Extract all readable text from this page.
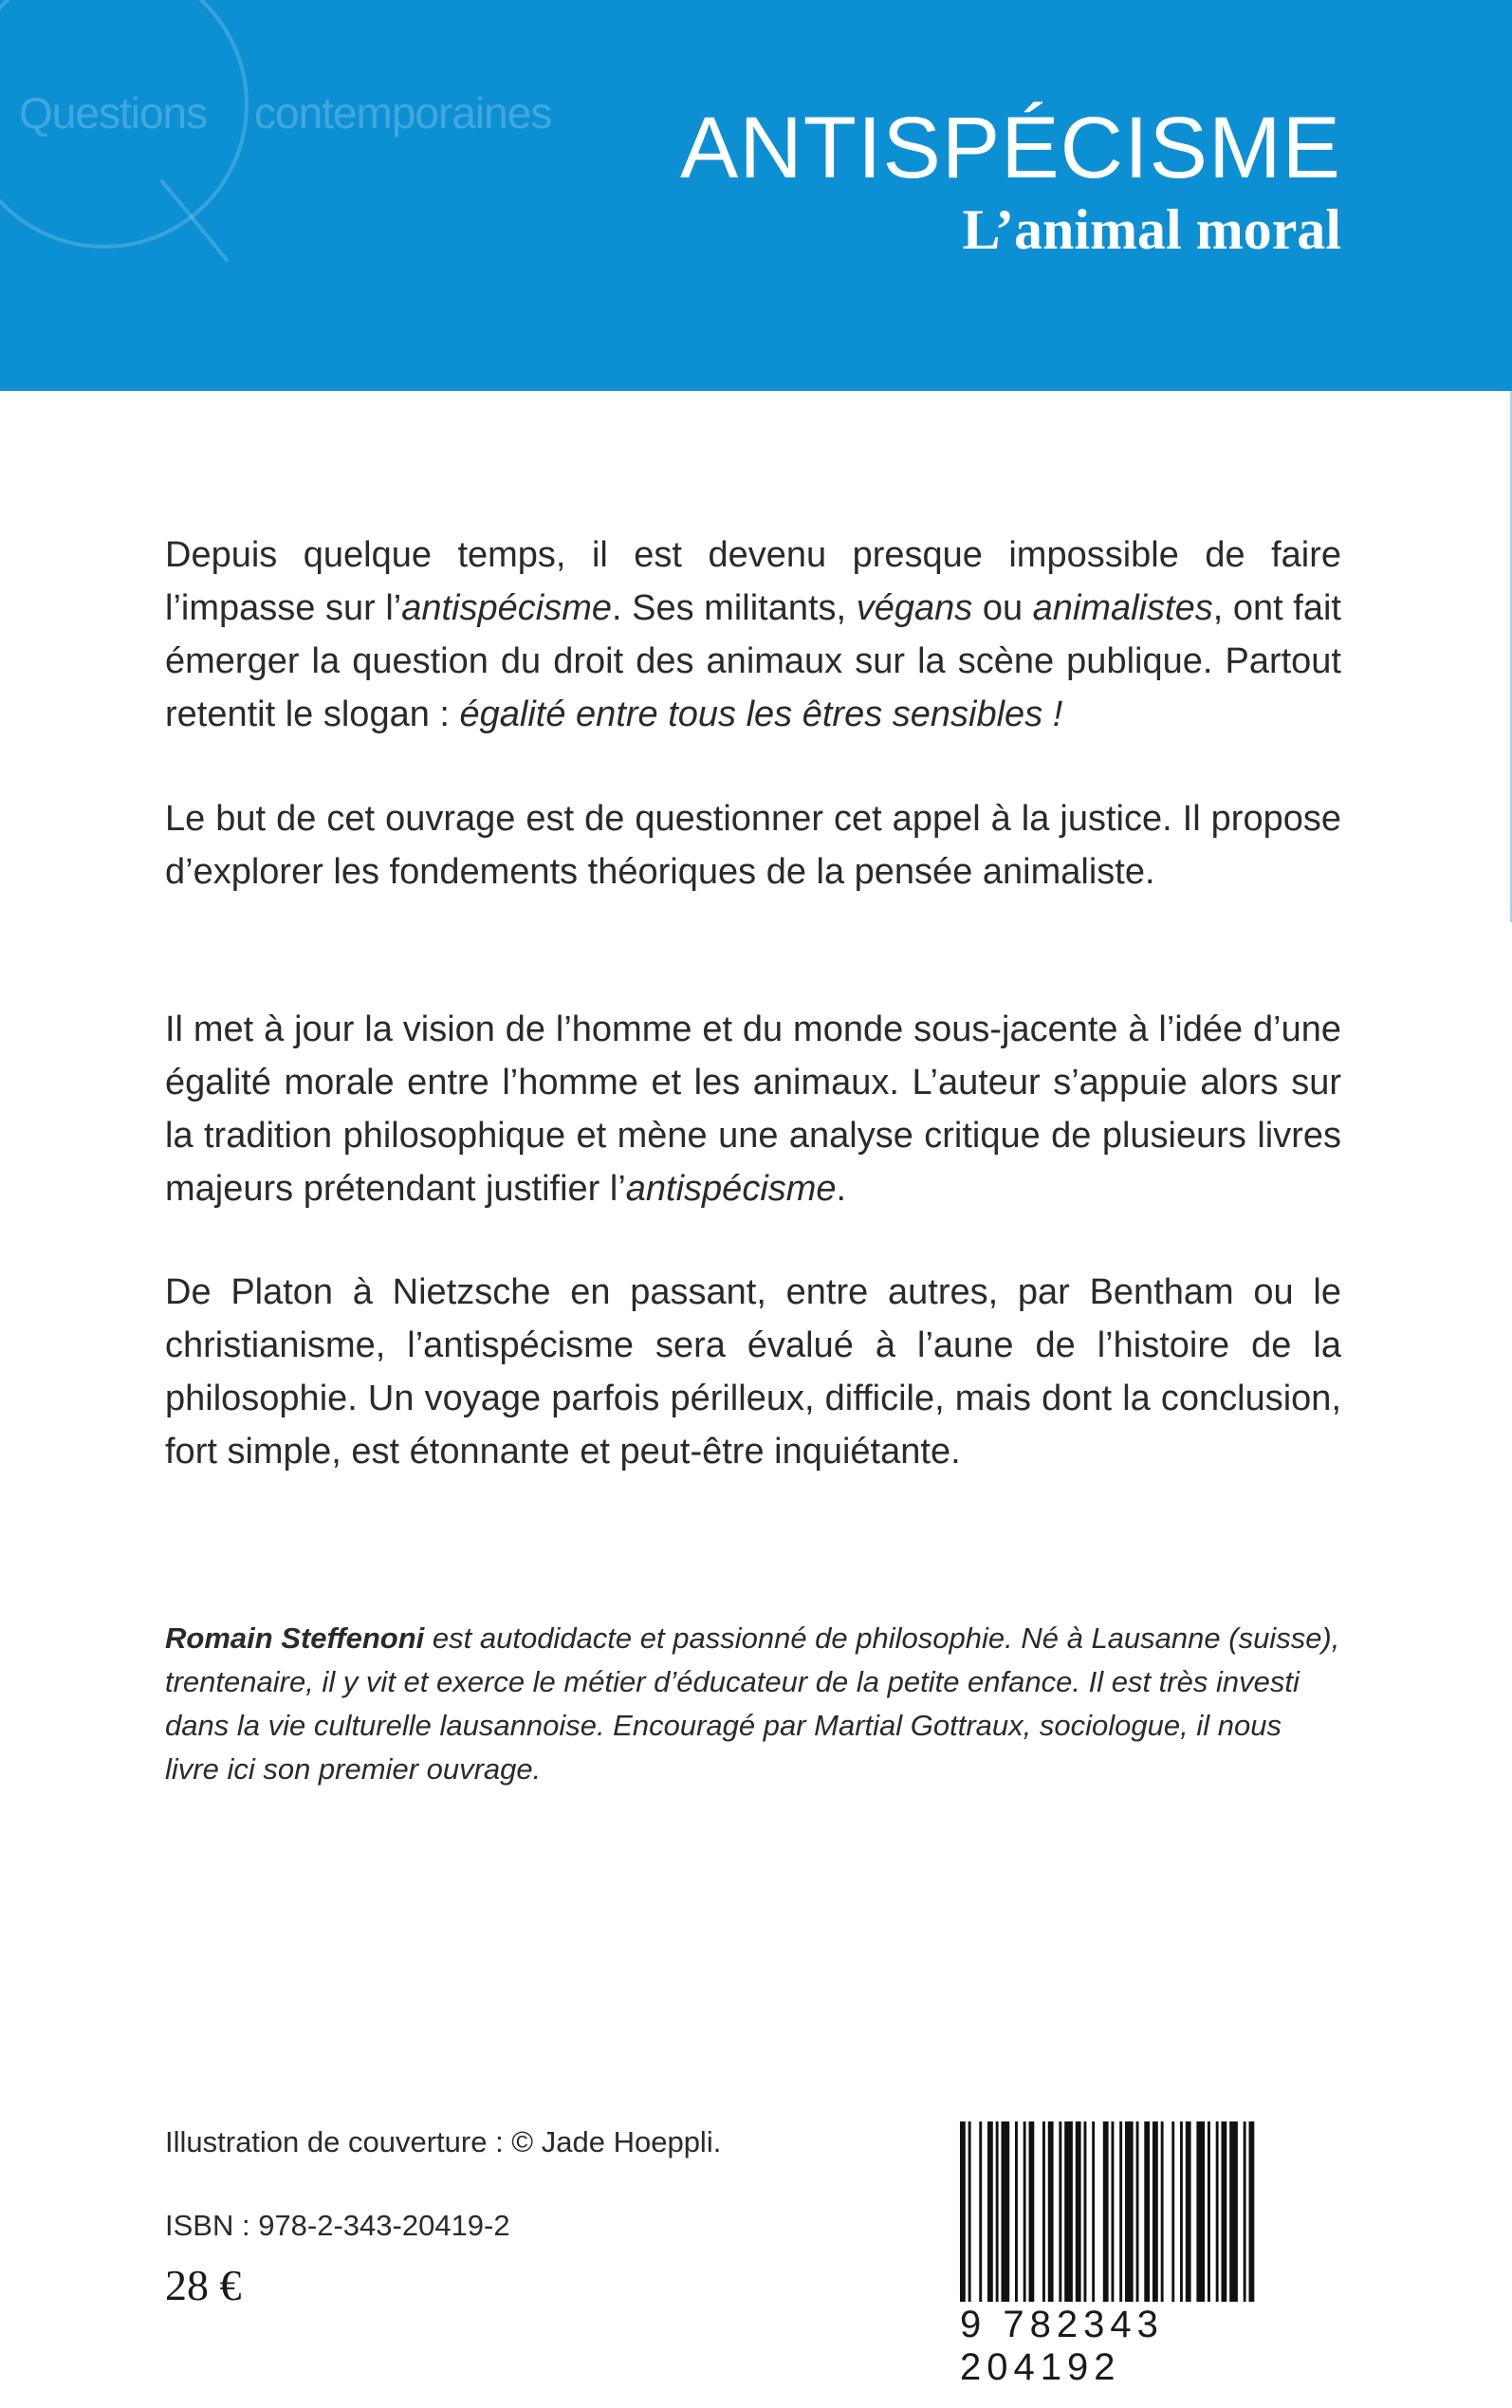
Questions contemporaines ANTISPÉCISME
L’animal moral

Depuis quelque temps, il est devenu presque impossible de faire l’impasse sur l’antispécisme. Ses militants, végans ou animalistes, ont fait émerger la question du droit des animaux sur la scène publique. Partout retentit le slogan : égalité entre tous les êtres sensibles !

Le but de cet ouvrage est de questionner cet appel à la justice. Il propose d’explorer les fondements théoriques de la pensée animaliste.

Il met à jour la vision de l’homme et du monde sous-jacente à l’idée d’une égalité morale entre l’homme et les animaux. L’auteur s’appuie alors sur la tradition philosophique et mène une analyse critique de plusieurs livres majeurs prétendant justifier l’antispécisme.

De Platon à Nietzsche en passant, entre autres, par Bentham ou le christianisme, l’antispécisme sera évalué à l’aune de l’histoire de la philosophie. Un voyage parfois périlleux, difficile, mais dont la conclusion, fort simple, est étonnante et peut-être inquiétante.

Romain Steffenoni est autodidacte et passionné de philosophie. Né à Lausanne (suisse), trentenaire, il y vit et exerce le métier d’éducateur de la petite enfance. Il est très investi dans la vie culturelle lausannoise. Encouragé par Martial Gottraux, sociologue, il nous livre ici son premier ouvrage.

Illustration de couverture : © Jade Hoeppli.

ISBN : 978-2-343-20419-2

28 €

9 782343 204192
